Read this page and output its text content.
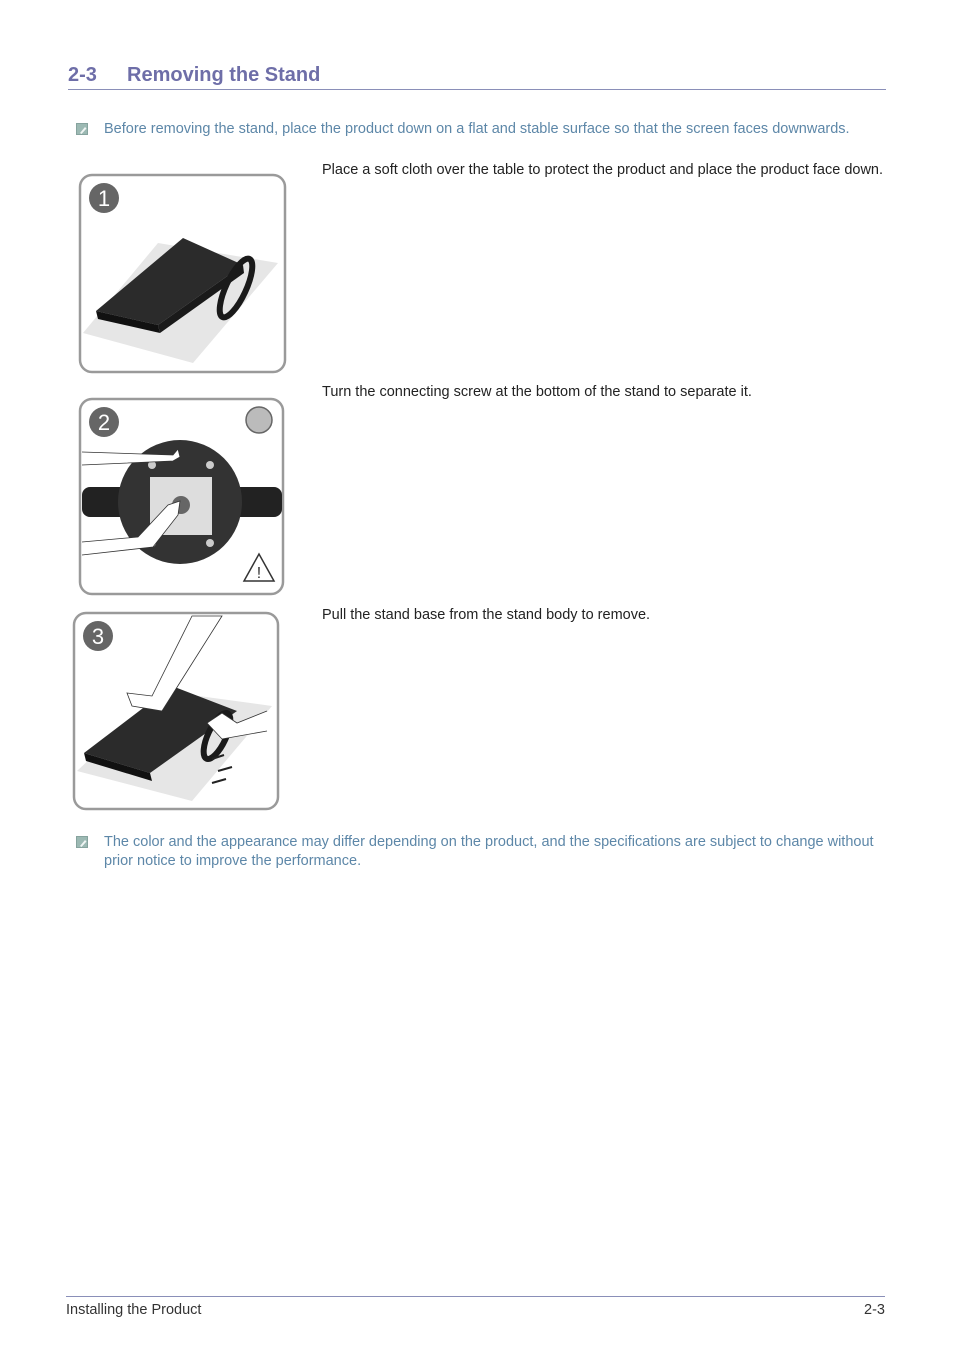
2-3 Removing the Stand
Before removing the stand, place the product down on a flat and stable surface so that the screen faces downwards.
1
Place a soft cloth over the table to protect the product and place the product face down.
!
2
Turn the connecting screw at the bottom of the stand to separate it.
3
Pull the stand base from the stand body to remove.
The color and the appearance may differ depending on the product, and the specifications are subject to change without prior notice to improve the performance.
Installing the Product	2-3
